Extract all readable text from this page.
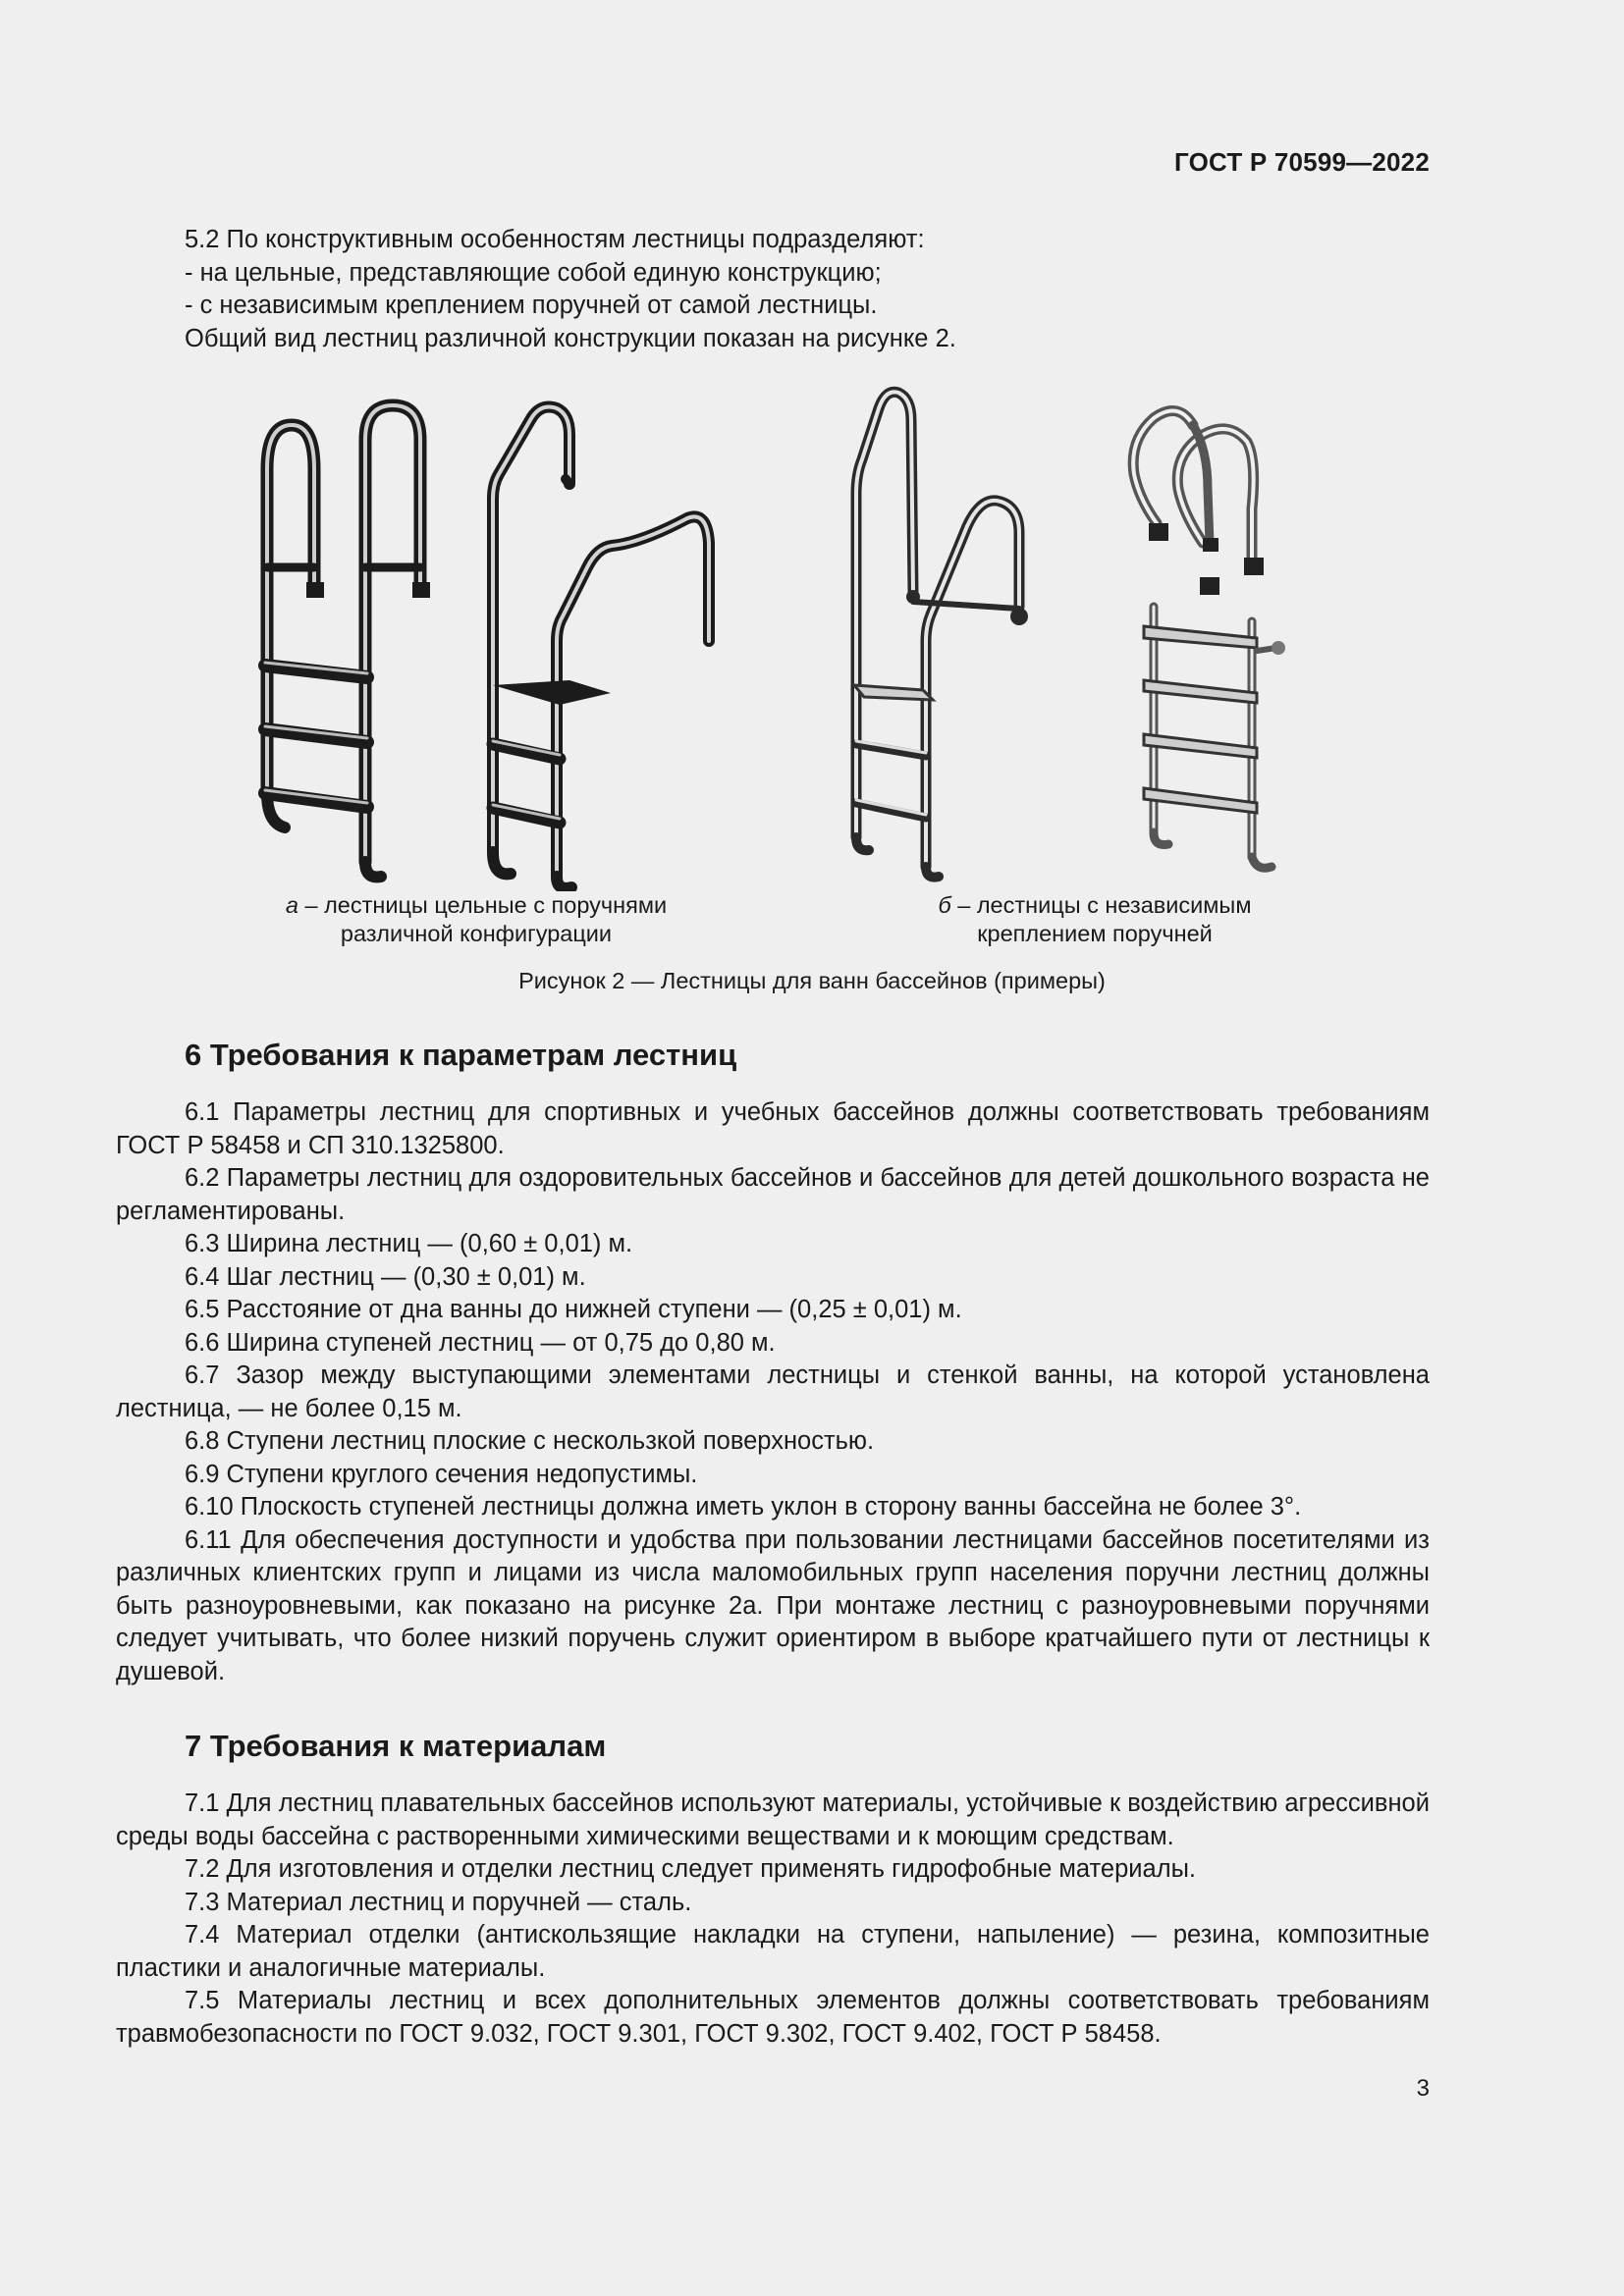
ГОСТ Р 70599—2022

5.2 По конструктивным особенностям лестницы подразделяют:

- на цельные, представляющие собой единую конструкцию;

- с независимым креплением поручней от самой лестницы.

Общий вид лестниц различной конструкции показан на рисунке 2.

а – лестницы цельные с поручнями
различной конфигурации
б – лестницы с независимым
креплением поручней
Рисунок 2 — Лестницы для ванн бассейнов (примеры)
6 Требования к параметрам лестниц

6.1 Параметры лестниц для спортивных и учебных бассейнов должны соответствовать требованиям ГОСТ Р 58458 и СП 310.1325800.

6.2 Параметры лестниц для оздоровительных бассейнов и бассейнов для детей дошкольного возраста не регламентированы.

6.3 Ширина лестниц — (0,60 ± 0,01) м.

6.4 Шаг лестниц — (0,30 ± 0,01) м.

6.5 Расстояние от дна ванны до нижней ступени — (0,25 ± 0,01) м.

6.6 Ширина ступеней лестниц — от 0,75 до 0,80 м.

6.7 Зазор между выступающими элементами лестницы и стенкой ванны, на которой установлена лестница, — не более 0,15 м.

6.8 Ступени лестниц плоские с нескользкой поверхностью.

6.9 Ступени круглого сечения недопустимы.

6.10 Плоскость ступеней лестницы должна иметь уклон в сторону ванны бассейна не более 3°.

6.11 Для обеспечения доступности и удобства при пользовании лестницами бассейнов посетителями из различных клиентских групп и лицами из числа маломобильных групп населения поручни лестниц должны быть разноуровневыми, как показано на рисунке 2а. При монтаже лестниц с разноуровневыми поручнями следует учитывать, что более низкий поручень служит ориентиром в выборе кратчайшего пути от лестницы к душевой.

7 Требования к материалам

7.1 Для лестниц плавательных бассейнов используют материалы, устойчивые к воздействию агрессивной среды воды бассейна с растворенными химическими веществами и к моющим средствам.

7.2 Для изготовления и отделки лестниц следует применять гидрофобные материалы.

7.3 Материал лестниц и поручней — сталь.

7.4 Материал отделки (антискользящие накладки на ступени, напыление) — резина, композитные пластики и аналогичные материалы.

7.5 Материалы лестниц и всех дополнительных элементов должны соответствовать требованиям травмобезопасности по ГОСТ 9.032, ГОСТ 9.301, ГОСТ 9.302, ГОСТ 9.402, ГОСТ Р 58458.

3
